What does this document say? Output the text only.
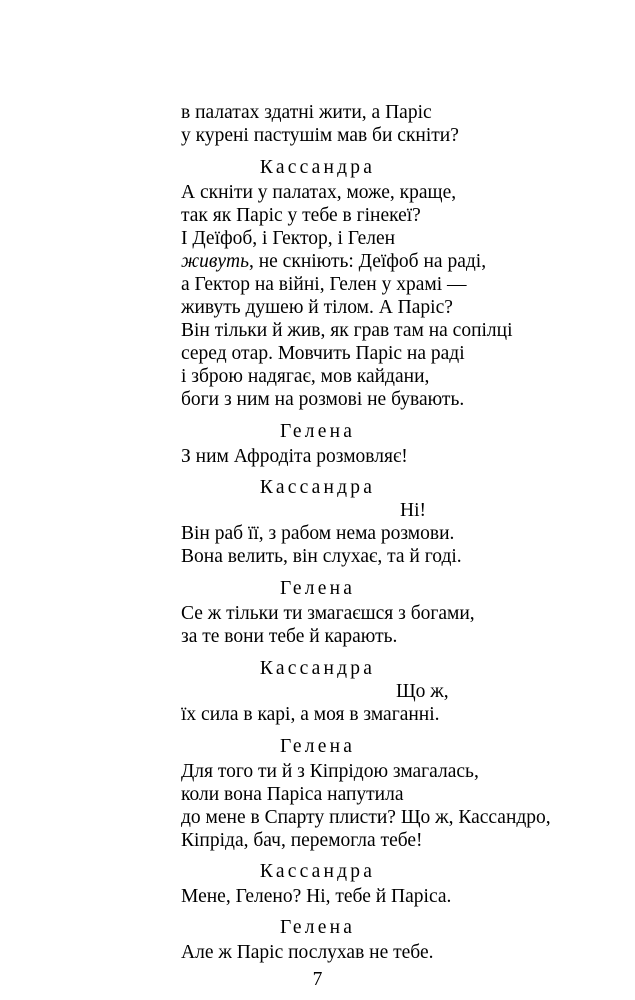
в палатах здатні жити, а Паріс
у курені пастушім мав би скніти?
Кассандра
А скніти у палатах, може, краще,
так як Паріс у тебе в гінекеї?
І Деїфоб, і Гектор, і Гелен
живуть, не скніють: Деїфоб на раді,
а Гектор на війні, Гелен у храмі —
живуть душею й тілом. А Паріс?
Він тільки й жив, як грав там на сопілці
серед отар. Мовчить Паріс на раді
і зброю надягає, мов кайдани,
боги з ним на розмові не бувають.
Гелена
З ним Афродіта розмовляє!
Кассандра
Ні!
Він раб її, з рабом нема розмови.
Вона велить, він слухає, та й годі.
Гелена
Се ж тільки ти змагаєшся з богами,
за те вони тебе й карають.
Кассандра
Що ж,
їх сила в карі, а моя в змаганні.
Гелена
Для того ти й з Кіпрідою змагалась,
коли вона Паріса напутила
до мене в Спарту плисти? Що ж, Кассандро,
Кіпріда, бач, перемогла тебе!
Кассандра
Мене, Гелено? Ні, тебе й Паріса.
Гелена
Але ж Паріс послухав не тебе.
7
